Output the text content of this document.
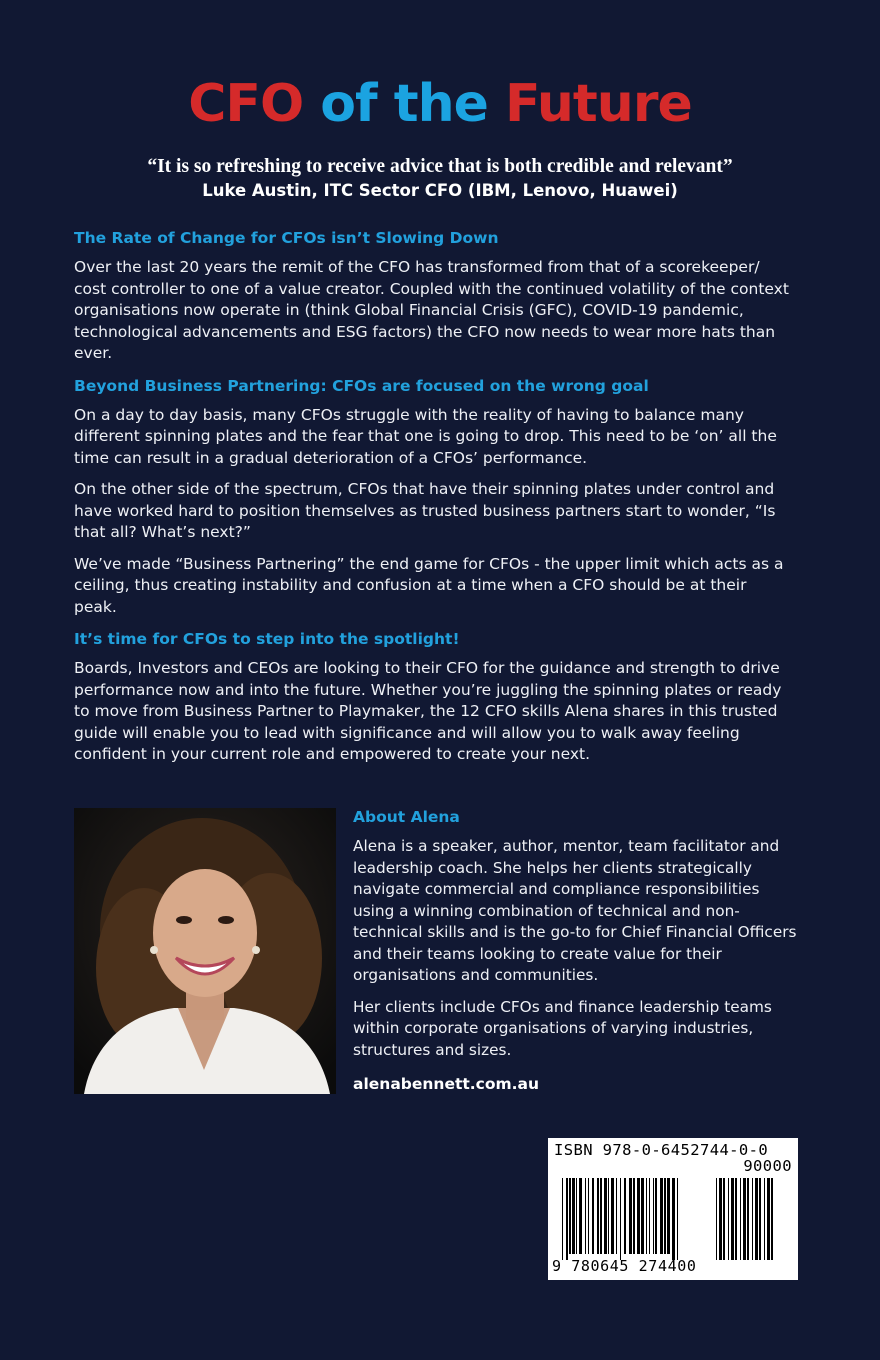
CFO of the Future
“It is so refreshing to receive advice that is both credible and relevant”
Luke Austin, ITC Sector CFO (IBM, Lenovo, Huawei)
The Rate of Change for CFOs isn’t Slowing Down

Over the last 20 years the remit of the CFO has transformed from that of a scorekeeper/ cost controller to one of a value creator. Coupled with the continued volatility of the context organisations now operate in (think Global Financial Crisis (GFC), COVID-19 pandemic, technological advancements and ESG factors) the CFO now needs to wear more hats than ever.

Beyond Business Partnering: CFOs are focused on the wrong goal

On a day to day basis, many CFOs struggle with the reality of having to balance many different spinning plates and the fear that one is going to drop. This need to be ‘on’ all the time can result in a gradual deterioration of a CFOs’ performance.

On the other side of the spectrum, CFOs that have their spinning plates under control and have worked hard to position themselves as trusted business partners start to wonder, “Is that all? What’s next?”

We’ve made “Business Partnering” the end game for CFOs - the upper limit which acts as a ceiling, thus creating instability and confusion at a time when a CFO should be at their peak.

It’s time for CFOs to step into the spotlight!

Boards, Investors and CEOs are looking to their CFO for the guidance and strength to drive performance now and into the future. Whether you’re juggling the spinning plates or ready to move from Business Partner to Playmaker, the 12 CFO skills Alena shares in this trusted guide will enable you to lead with significance and will allow you to walk away feeling confident in your current role and empowered to create your next.

About Alena

Alena is a speaker, author, mentor, team facilitator and leadership coach. She helps her clients strategically navigate commercial and compliance responsibilities using a winning combination of technical and non-technical skills and is the go-to for Chief Financial Officers and their teams looking to create value for their organisations and communities.

Her clients include CFOs and finance leadership teams within corporate organisations of varying industries, structures and sizes.

alenabennett.com.au
ISBN 978-0-6452744-0-0
90000
9 780645 274400
